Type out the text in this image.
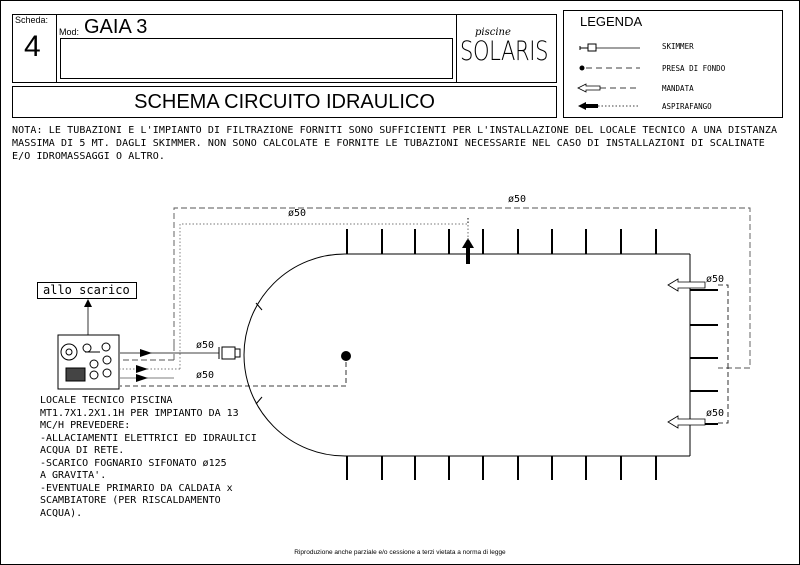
Scheda:
4 Mod: GAIA 3	piscine
SOLARIS
SCHEMA CIRCUITO IDRAULICO
LEGENDA
SKIMMER
PRESA DI FONDO
MANDATA
ASPIRAFANGO
NOTA: LE TUBAZIONI E L'IMPIANTO DI FILTRAZIONE FORNITI SONO SUFFICIENTI PER L'INSTALLAZIONE DEL LOCALE TECNICO A UNA DISTANZA MASSIMA DI 5 MT. DAGLI SKIMMER. NON SONO CALCOLATE E FORNITE LE TUBAZIONI NECESSARIE NEL CASO DI INSTALLAZIONI DI SCALINATE E/O IDROMASSAGGI O ALTRO.
LOCALE TECNICO PISCINA
MT1.7X1.2X1.1H PER IMPIANTO DA 13
MC/H PREVEDERE:
-ALLACIAMENTI ELETTRICI ED IDRAULICI
ACQUA DI RETE.
-SCARICO FOGNARIO SIFONATO ø125
A GRAVITA'.
-EVENTUALE PRIMARIO DA CALDAIA x
SCAMBIATORE (PER RISCALDAMENTO
ACQUA).
allo scarico
Riproduzione anche parziale e/o cessione a terzi vietata a norma di legge
ø50
ø50
ø50
ø50
ø50
ø50
